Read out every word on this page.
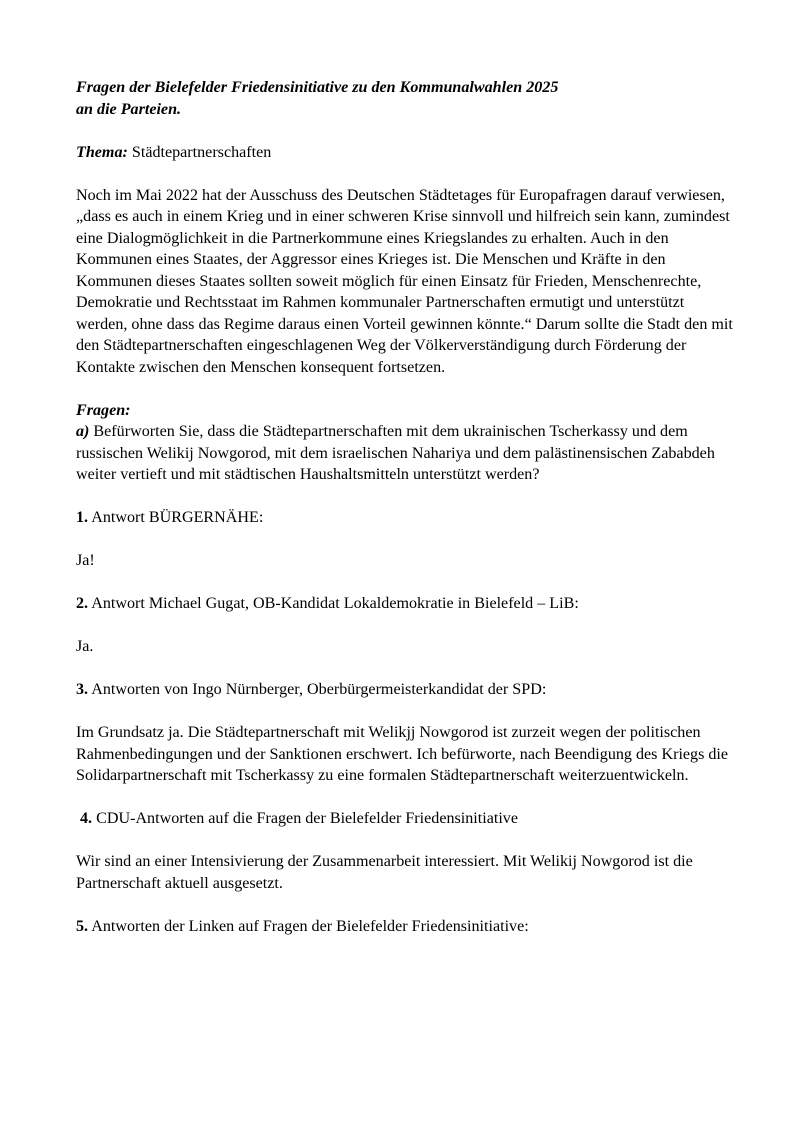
Fragen der Bielefelder Friedensinitiative zu den Kommunalwahlen 2025
an die Parteien.

Thema: Städtepartnerschaften

Noch im Mai 2022 hat der Ausschuss des Deutschen Städtetages für Europafragen darauf verwiesen, „dass es auch in einem Krieg und in einer schweren Krise sinnvoll und hilfreich sein kann, zumindest eine Dialogmöglichkeit in die Partnerkommune eines Kriegslandes zu erhalten. Auch in den Kommunen eines Staates, der Aggressor eines Krieges ist. Die Menschen und Kräfte in den Kommunen dieses Staates sollten soweit möglich für einen Einsatz für Frieden, Menschenrechte, Demokratie und Rechtsstaat im Rahmen kommunaler Partnerschaften ermutigt und unterstützt werden, ohne dass das Regime daraus einen Vorteil gewinnen könnte.“ Darum sollte die Stadt den mit den Städtepartnerschaften eingeschlagenen Weg der Völkerverständigung durch Förderung der Kontakte zwischen den Menschen konsequent fortsetzen.

Fragen:

a) Befürworten Sie, dass die Städtepartnerschaften mit dem ukrainischen Tscherkassy und dem russischen Welikij Nowgorod, mit dem israelischen Nahariya und dem palästinensischen Zababdeh weiter vertieft und mit städtischen Haushaltsmitteln unterstützt werden?

1. Antwort BÜRGERNÄHE:

Ja!

2. Antwort Michael Gugat, OB-Kandidat Lokaldemokratie in Bielefeld – LiB:

Ja.

3. Antworten von Ingo Nürnberger, Oberbürgermeisterkandidat der SPD:

Im Grundsatz ja. Die Städtepartnerschaft mit Welikjj Nowgorod ist zurzeit wegen der politischen Rahmenbedingungen und der Sanktionen erschwert. Ich befürworte, nach Beendigung des Kriegs die Solidarpartnerschaft mit Tscherkassy zu eine formalen Städtepartnerschaft weiterzuentwickeln.

4. CDU-Antworten auf die Fragen der Bielefelder Friedensinitiative

Wir sind an einer Intensivierung der Zusammenarbeit interessiert. Mit Welikij Nowgorod ist die Partnerschaft aktuell ausgesetzt.

5. Antworten der Linken auf Fragen der Bielefelder Friedensinitiative:
